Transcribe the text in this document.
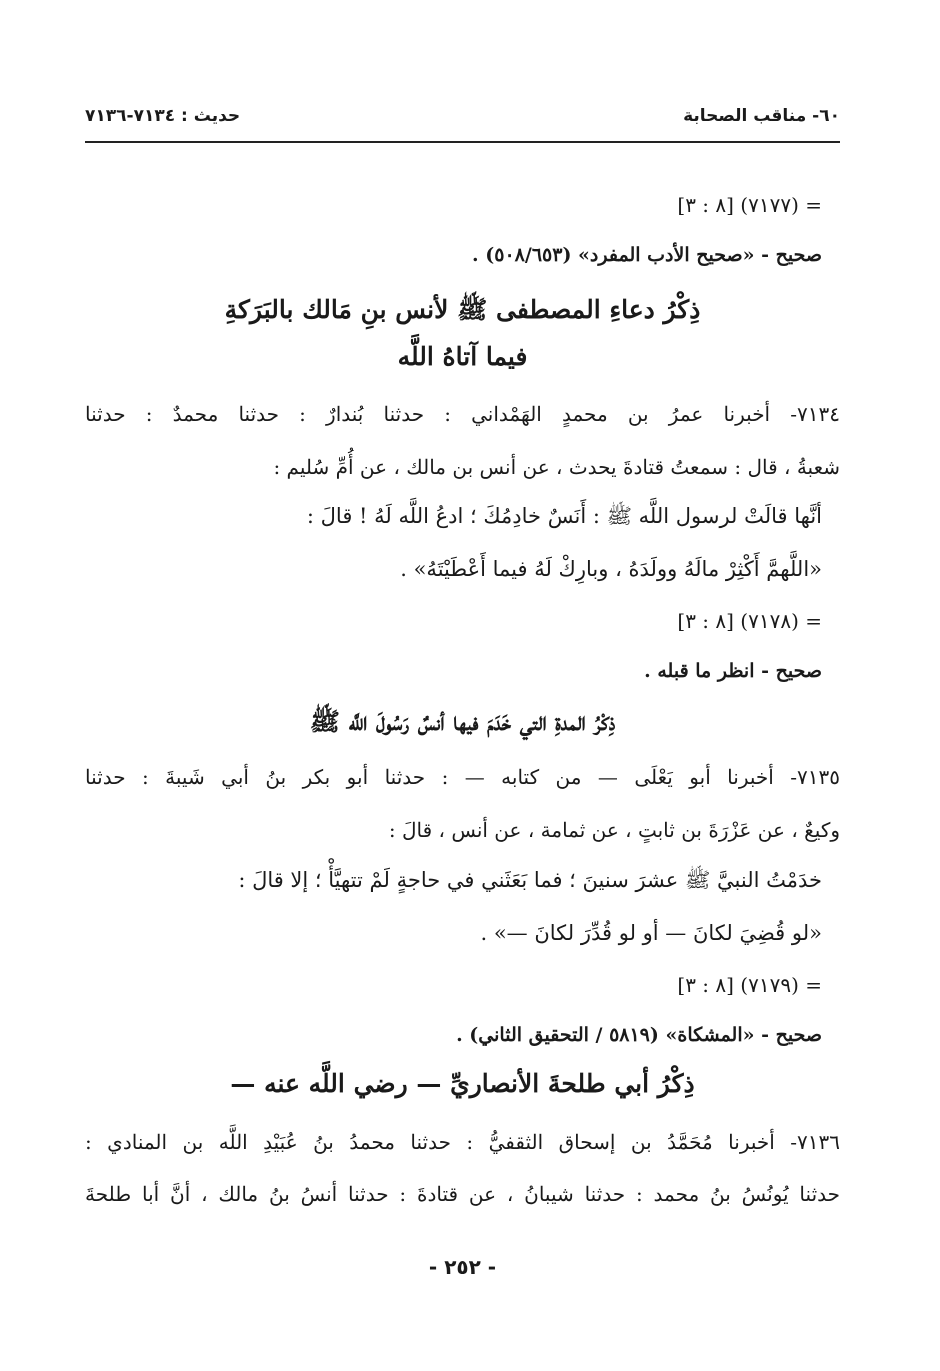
٦٠- مناقب الصحابة
حديث : ٧١٣٤-٧١٣٦
= (٧١٧٧) [٨ : ٣]
صحيح - «صحيح الأدب المفرد» (٥٠٨/٦٥٣) .
ذِكْرُ دعاءِ المصطفى ﷺ لأنس بنِ مَالك بالبَرَكةِ
فيما آتاهُ اللَّه
٧١٣٤- أخبرنا عمرُ بن محمدٍ الهَمْداني : حدثنا بُندارٌ : حدثنا محمدٌ : حدثنا
شعبةُ ، قال : سمعتُ قتادةَ يحدث ، عن أنس بن مالك ، عن أُمِّ سُليم :
أنَّها قالَتْ لرسول اللَّه ﷺ : أَنَسٌ خادِمُكَ ؛ ادعُ اللَّه لَهُ ! قالَ :
«اللَّهمَّ أَكْثِرْ مالَهُ وولَدَهُ ، وبارِكْ لَهُ فيما أَعْطَيْتَهُ» .
= (٧١٧٨) [٨ : ٣]
صحيح - انظر ما قبله .
ذِكْرُ المدةِ التي خَدَمَ فيها أنسٌ رَسُولَ اللَّه ﷺ
٧١٣٥- أخبرنا أبو يَعْلَى — من كتابه — : حدثنا أبو بكر بنُ أبي شَيبةَ : حدثنا
وكيعٌ ، عن عَزْرَةَ بن ثابتٍ ، عن ثمامة ، عن أنس ، قالَ :
خدَمْتُ النبيَّ ﷺ عشرَ سنينَ ؛ فما بَعَثَني في حاجةٍ لَمْ تتهيَّأْ ؛ إلا قالَ :
«لو قُضِيَ لكانَ — أو لو قُدِّرَ لكانَ —» .
= (٧١٧٩) [٨ : ٣]
صحيح - «المشكاة» (٥٨١٩ / التحقيق الثاني) .
ذِكْرُ أبي طلحةَ الأنصاريِّ — رضي اللَّه عنه —
٧١٣٦- أخبرنا مُحَمَّدُ بن إسحاق الثقفيُّ : حدثنا محمدُ بنُ عُبَيْدِ اللَّه بن المنادي :
حدثنا يُونُسُ بنُ محمد : حدثنا شيبانُ ، عن قتادةَ : حدثنا أنسُ بنُ مالك ، أنَّ أبا طلحةَ
- ٢٥٢ -
